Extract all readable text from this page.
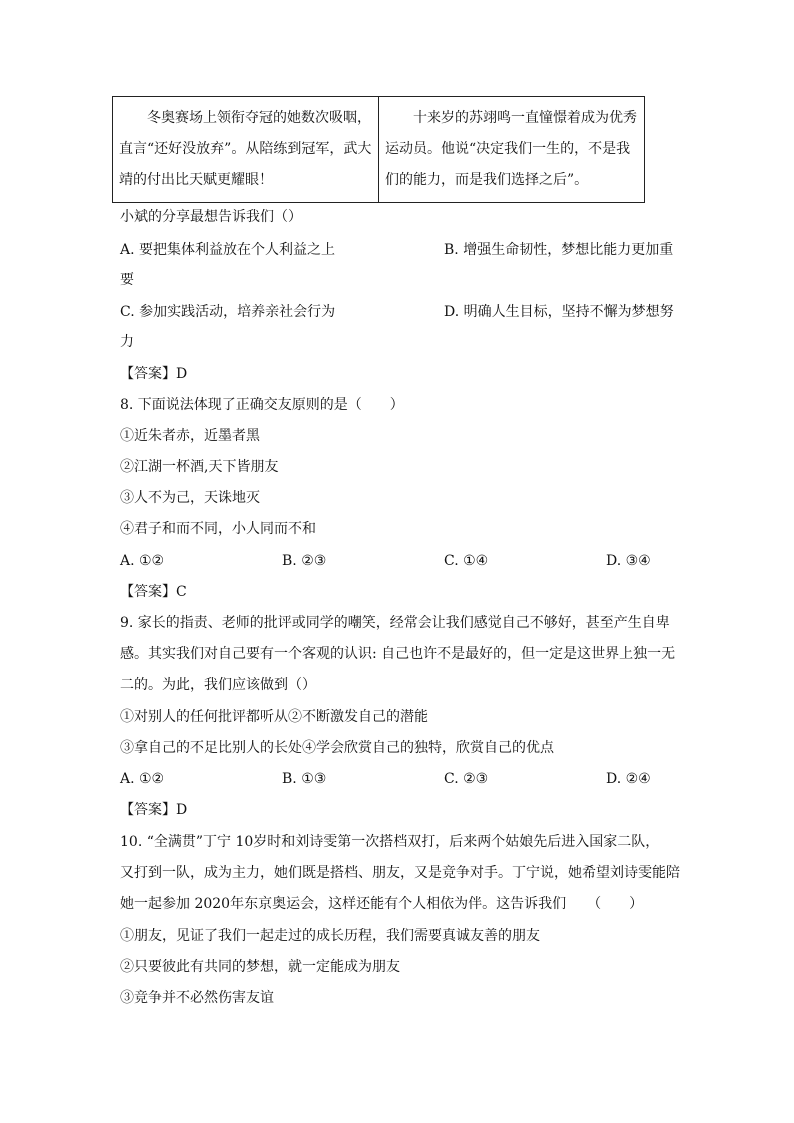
冬奥赛场上领衔夺冠的她数次吸咽，直言“还好没放弃”。从陪练到冠军，武大靖的付出比天赋更耀眼！	十来岁的苏翊鸣一直憧憬着成为优秀运动员。他说“决定我们一生的，不是我们的能力，而是我们选择之后”。
小斌的分享最想告诉我们（）
A. 要把集体利益放在个人利益之上	B. 增强生命韧性，梦想比能力更加重
要
C. 参加实践活动，培养亲社会行为	D. 明确人生目标，坚持不懈为梦想努
力
【答案】D
8. 下面说法体现了正确交友原则的是（　　）
①近朱者赤，近墨者黑
②江湖一杯酒,天下皆朋友
③人不为己，天诛地灭
④君子和而不同，小人同而不和
A. ①②	B. ②③	C. ①④	D. ③④
【答案】C
9. 家长的指责、老师的批评或同学的嘲笑，经常会让我们感觉自己不够好，甚至产生自卑
感。其实我们对自己要有一个客观的认识: 自己也许不是最好的，但一定是这世界上独一无
二的。为此，我们应该做到（）
①对别人的任何批评都听从②不断激发自己的潜能
③拿自己的不足比别人的长处④学会欣赏自己的独特，欣赏自己的优点
A. ①②	B. ①③	C. ②③	D. ②④
【答案】D
10. “全满贯”丁宁 10岁时和刘诗雯第一次搭档双打，后来两个姑娘先后进入国家二队，
又打到一队，成为主力，她们既是搭档、朋友，又是竞争对手。丁宁说，她希望刘诗雯能陪
她一起参加 2020年东京奥运会，这样还能有个人相依为伴。这告诉我们　　（　　）
①朋友，见证了我们一起走过的成长历程，我们需要真诚友善的朋友
②只要彼此有共同的梦想，就一定能成为朋友
③竞争并不必然伤害友谊
